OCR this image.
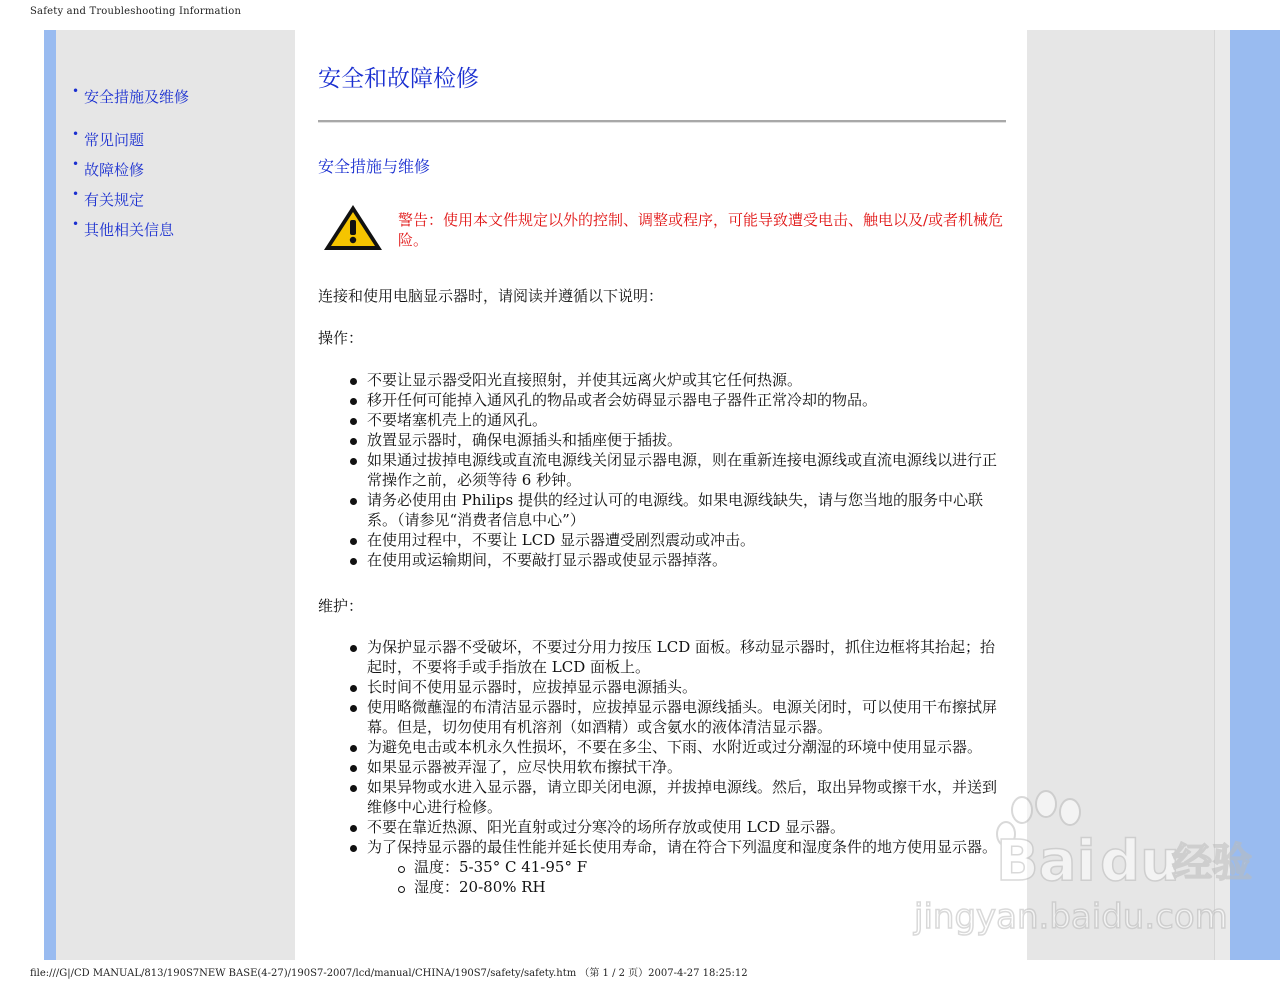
Safety and Troubleshooting Information
• 安全措施及维修
• 常见问题
• 故障检修
• 有关规定
• 其他相关信息
安全和故障检修
安全措施与维修

警告：使用本文件规定以外的控制、调整或程序，可能导致遭受电击、触电以及/或者机械危险。

连接和使用电脑显示器时，请阅读并遵循以下说明：

操作：

不要让显示器受阳光直接照射，并使其远离火炉或其它任何热源。
移开任何可能掉入通风孔的物品或者会妨碍显示器电子器件正常冷却的物品。
不要堵塞机壳上的通风孔。
放置显示器时，确保电源插头和插座便于插拔。
如果通过拔掉电源线或直流电源线关闭显示器电源，则在重新连接电源线或直流电源线以进行正常操作之前，必须等待 6 秒钟。
请务必使用由 Philips 提供的经过认可的电源线。如果电源线缺失，请与您当地的服务中心联系。（请参见“消费者信息中心”）
在使用过程中，不要让 LCD 显示器遭受剧烈震动或冲击。
在使用或运输期间，不要敲打显示器或使显示器掉落。

维护：

为保护显示器不受破坏，不要过分用力按压 LCD 面板。移动显示器时，抓住边框将其抬起；抬起时，不要将手或手指放在 LCD 面板上。
长时间不使用显示器时，应拔掉显示器电源插头。
使用略微蘸湿的布清洁显示器时，应拔掉显示器电源线插头。电源关闭时，可以使用干布擦拭屏幕。但是，切勿使用有机溶剂（如酒精）或含氨水的液体清洁显示器。
为避免电击或本机永久性损坏，不要在多尘、下雨、水附近或过分潮湿的环境中使用显示器。
如果显示器被弄湿了，应尽快用软布擦拭干净。
如果异物或水进入显示器，请立即关闭电源，并拔掉电源线。然后，取出异物或擦干水，并送到维修中心进行检修。
不要在靠近热源、阳光直射或过分寒冷的场所存放或使用 LCD 显示器。
为了保持显示器的最佳性能并延长使用寿命，请在符合下列温度和湿度条件的地方使用显示器。
温度：5-35° C 41-95° F
湿度：20-80% RH	Bai du
经验
jingyan.baidu.com
file:///G|/CD MANUAL/813/190S7NEW BASE(4-27)/190S7-2007/lcd/manual/CHINA/190S7/safety/safety.htm （第 1 / 2 页）2007-4-27 18:25:12
